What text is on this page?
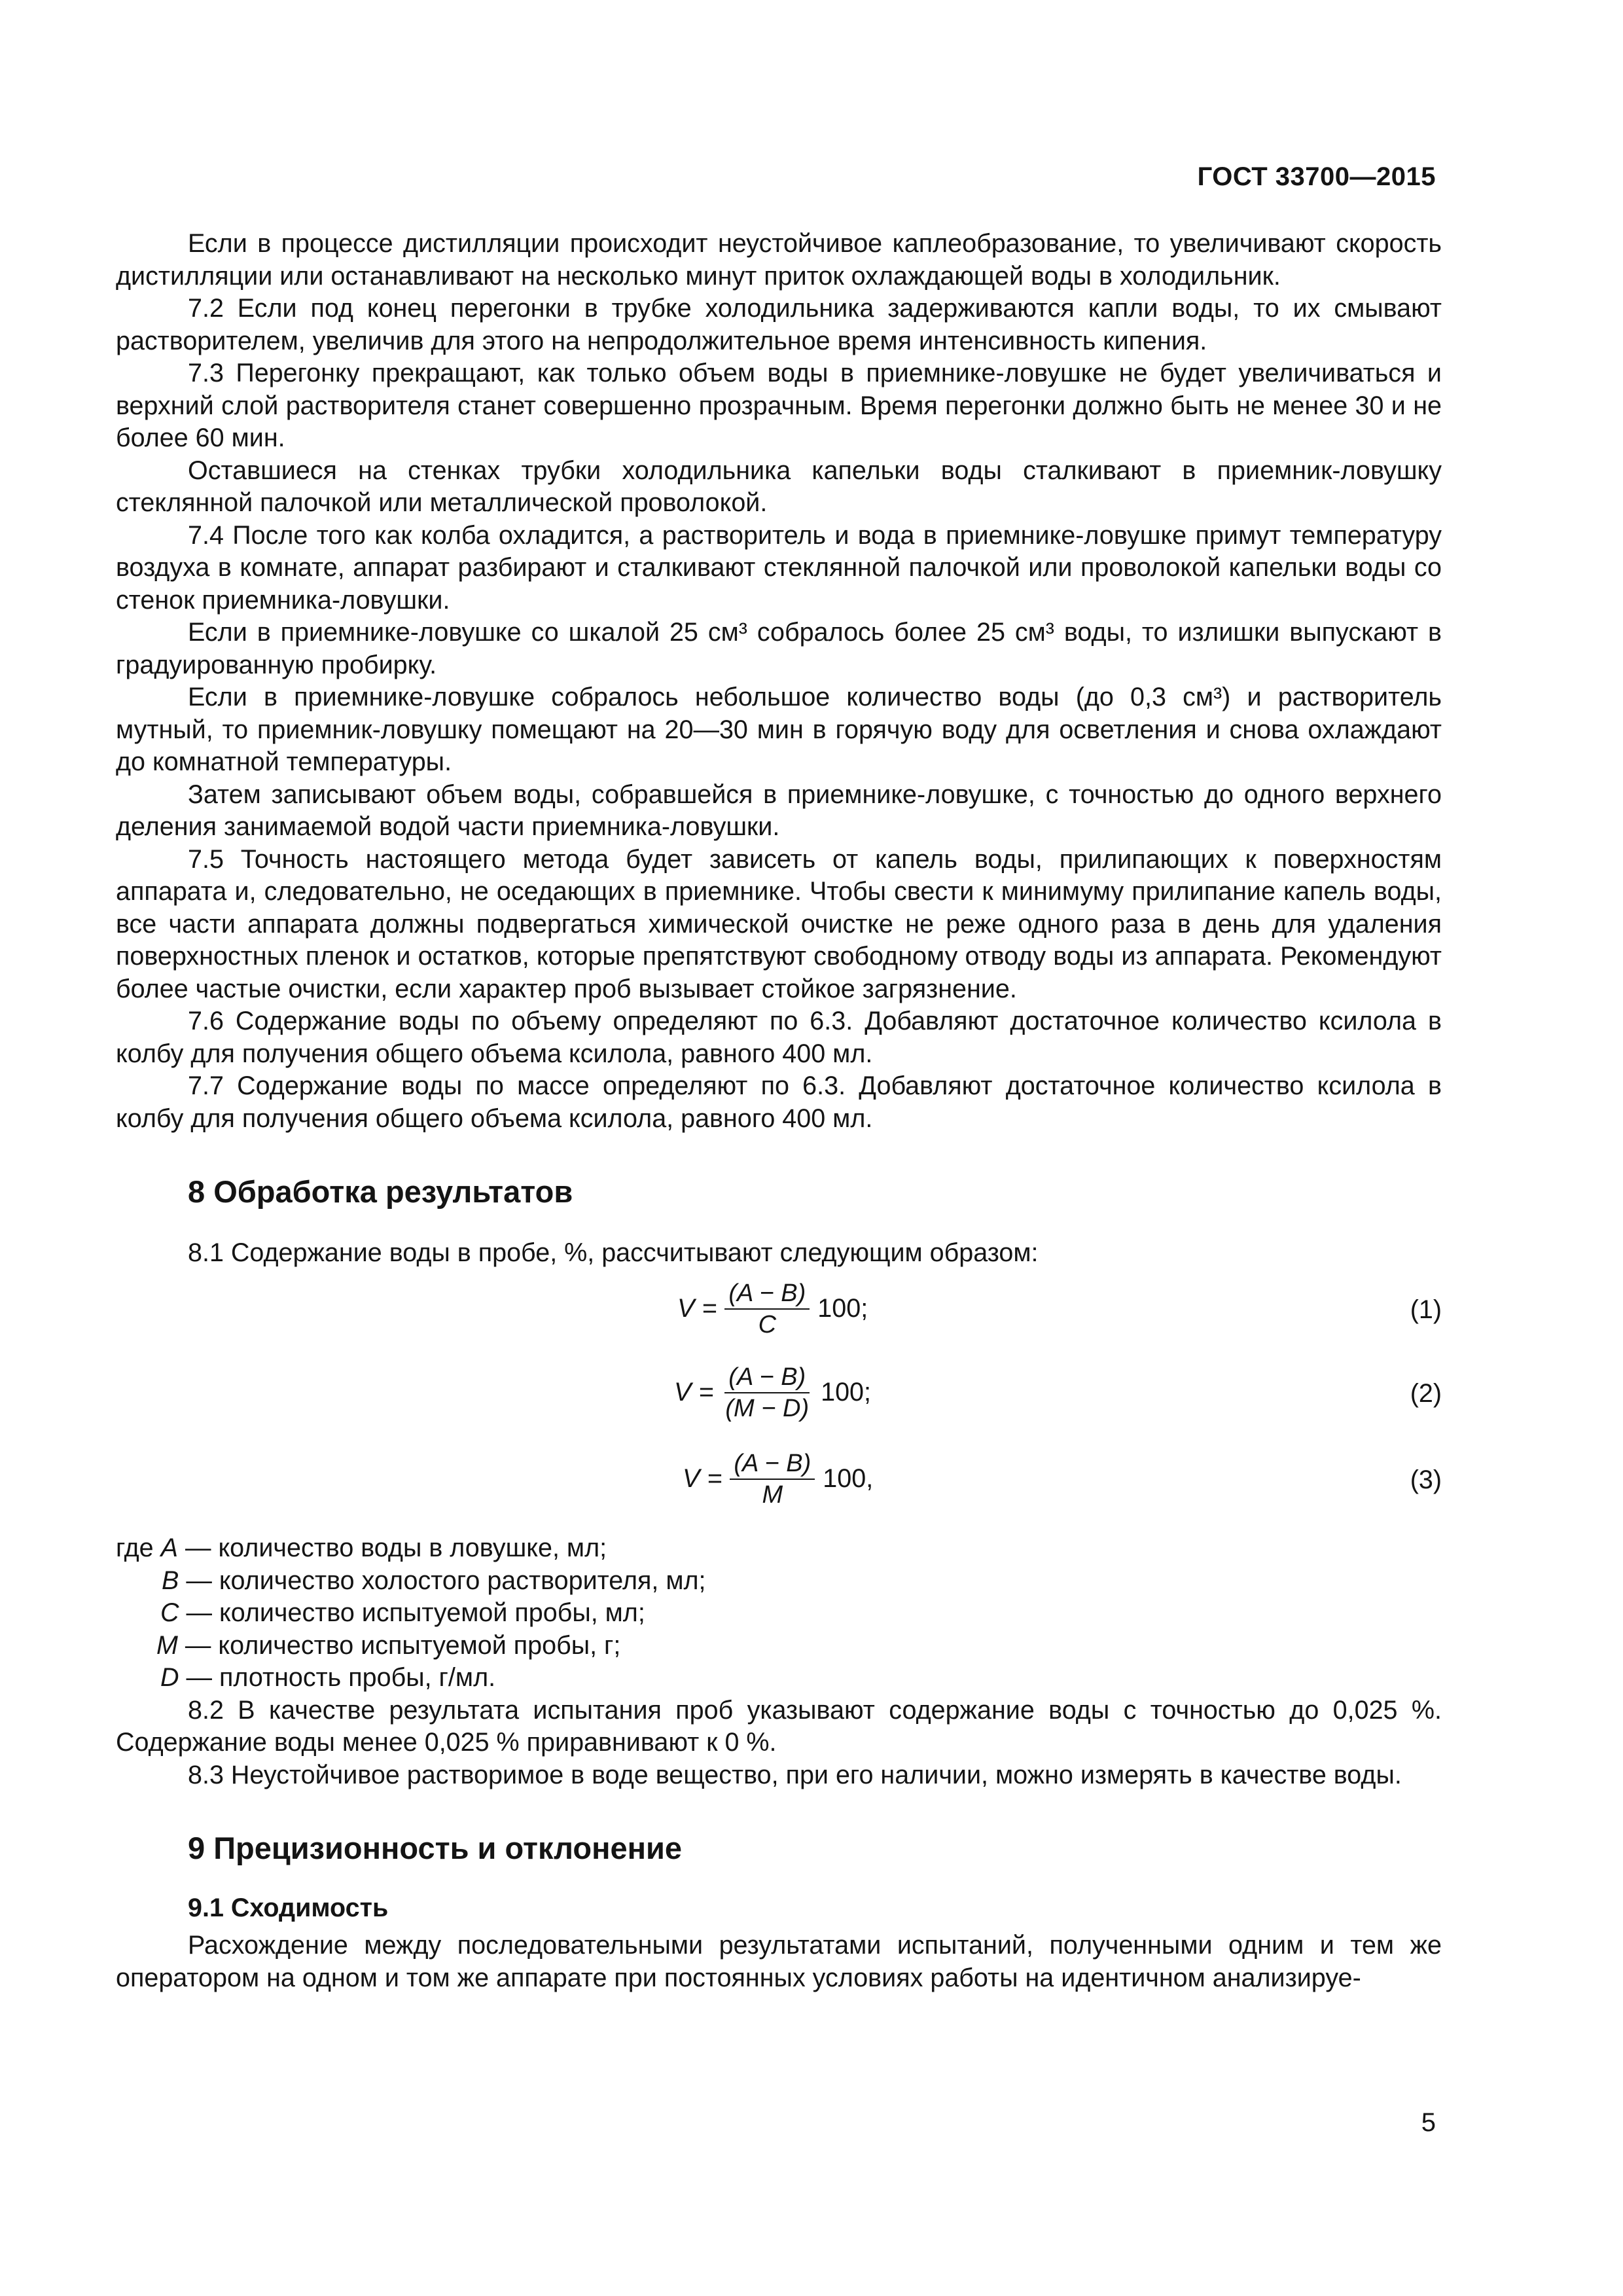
ГОСТ 33700—2015

Если в процессе дистилляции происходит неустойчивое каплеобразование, то увеличивают скорость дистилляции или останавливают на несколько минут приток охлаждающей воды в холодильник.

7.2 Если под конец перегонки в трубке холодильника задерживаются капли воды, то их смывают растворителем, увеличив для этого на непродолжительное время интенсивность кипения.

7.3 Перегонку прекращают, как только объем воды в приемнике-ловушке не будет увеличиваться и верхний слой растворителя станет совершенно прозрачным. Время перегонки должно быть не менее 30 и не более 60 мин.

Оставшиеся на стенках трубки холодильника капельки воды сталкивают в приемник-ловушку стеклянной палочкой или металлической проволокой.

7.4 После того как колба охладится, а растворитель и вода в приемнике-ловушке примут температуру воздуха в комнате, аппарат разбирают и сталкивают стеклянной палочкой или проволокой капельки воды со стенок приемника-ловушки.

Если в приемнике-ловушке со шкалой 25 см³ собралось более 25 см³ воды, то излишки выпускают в градуированную пробирку.

Если в приемнике-ловушке собралось небольшое количество воды (до 0,3 см³) и растворитель мутный, то приемник-ловушку помещают на 20—30 мин в горячую воду для осветления и снова охлаждают до комнатной температуры.

Затем записывают объем воды, собравшейся в приемнике-ловушке, с точностью до одного верхнего деления занимаемой водой части приемника-ловушки.

7.5 Точность настоящего метода будет зависеть от капель воды, прилипающих к поверхностям аппарата и, следовательно, не оседающих в приемнике. Чтобы свести к минимуму прилипание капель воды, все части аппарата должны подвергаться химической очистке не реже одного раза в день для удаления поверхностных пленок и остатков, которые препятствуют свободному отводу воды из аппарата. Рекомендуют более частые очистки, если характер проб вызывает стойкое загрязнение.

7.6 Содержание воды по объему определяют по 6.3. Добавляют достаточное количество ксилола в колбу для получения общего объема ксилола, равного 400 мл.

7.7 Содержание воды по массе определяют по 6.3. Добавляют достаточное количество ксилола в колбу для получения общего объема ксилола, равного 400 мл.

8 Обработка результатов

8.1 Содержание воды в пробе, %, рассчитывают следующим образом:

$V = \frac{(A - B)}{C} 100$;	(1)
$V = \frac{(A - B)}{(M - D)} 100$;	(2)
$V = \frac{(A - B)}{M} 100$,	(3)
где A — количество воды в ловушке, мл;
B — количество холостого растворителя, мл;
C — количество испытуемой пробы, мл;
M — количество испытуемой пробы, г;
D — плотность пробы, г/мл.

8.2 В качестве результата испытания проб указывают содержание воды с точностью до 0,025 %. Содержание воды менее 0,025 % приравнивают к 0 %.

8.3 Неустойчивое растворимое в воде вещество, при его наличии, можно измерять в качестве воды.

9 Прецизионность и отклонение
9.1 Сходимость

Расхождение между последовательными результатами испытаний, полученными одним и тем же оператором на одном и том же аппарате при постоянных условиях работы на идентичном анализируе-

5
